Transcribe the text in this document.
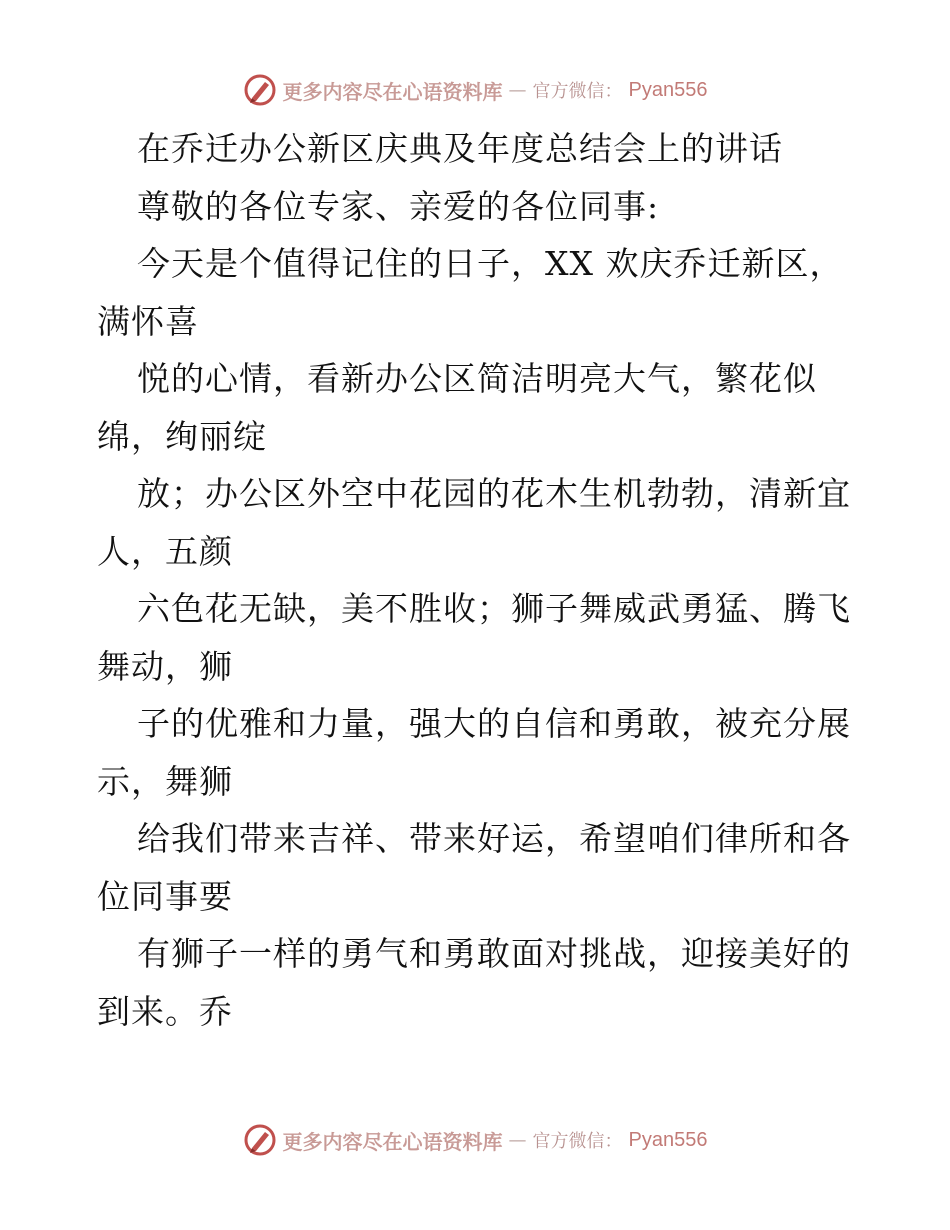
更多内容尽在心语资料库 — 官方微信： Pyan556
在乔迁办公新区庆典及年度总结会上的讲话
尊敬的各位专家、亲爱的各位同事:
今天是个值得记住的日子，XX 欢庆乔迁新区，
满怀喜
悦的心情，看新办公区简洁明亮大气，繁花似
绵，绚丽绽
放；办公区外空中花园的花木生机勃勃，清新宜
人，五颜
六色花无缺，美不胜收；狮子舞威武勇猛、腾飞
舞动，狮
子的优雅和力量，强大的自信和勇敢，被充分展
示，舞狮
给我们带来吉祥、带来好运，希望咱们律所和各
位同事要
有狮子一样的勇气和勇敢面对挑战，迎接美好的
到来。乔
更多内容尽在心语资料库 — 官方微信： Pyan556
